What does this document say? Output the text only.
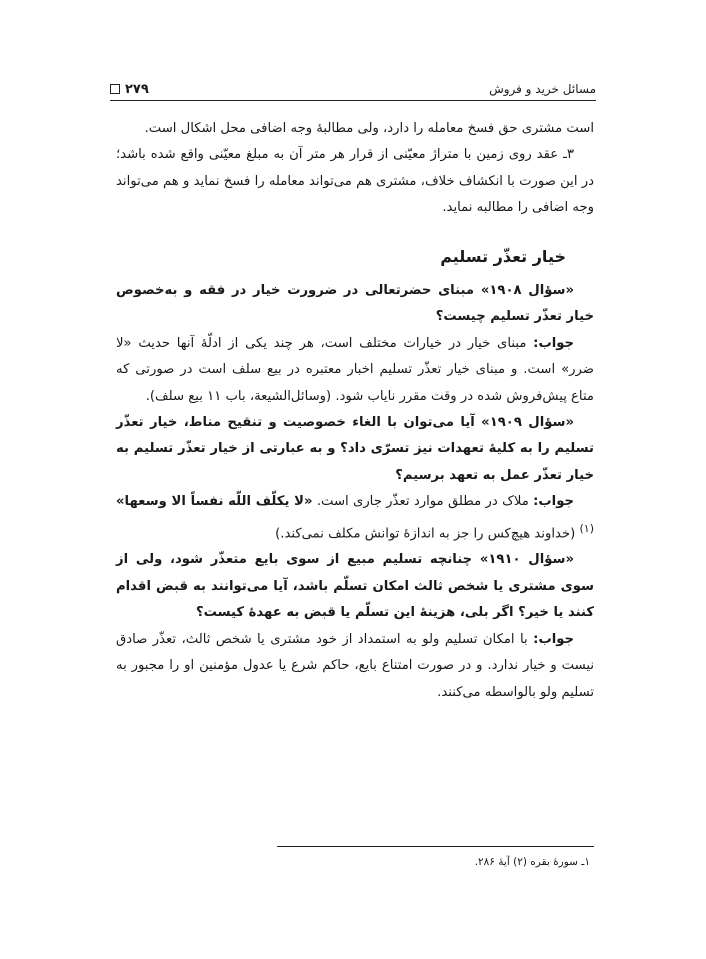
مسائل خرید و فروش
۲۷۹

است مشتری حق فسخ معامله را دارد، ولی مطالبهٔ وجه اضافی محل اشکال است.

۳ـ عقد روی زمین با متراژ معیّنی از قرار هر متر آن به مبلغ معیّنی واقع شده باشد؛ در این صورت با انکشاف خلاف، مشتری هم می‌تواند معامله را فسخ نماید و هم می‌تواند وجه اضافی را مطالبه نماید.

خیار تعذّر تسلیم

«سؤال ۱۹۰۸» مبنای حضرتعالی در ضرورت خیار در فقه و به‌خصوص خیار تعذّر تسلیم چیست؟

جواب: مبنای خیار در خیارات مختلف است، هر چند یکی از ادلّهٔ آنها حدیث «لا ضرر» است. و مبنای خیار تعذّر تسلیم اخبار معتبره در بیع سلف است در صورتی که متاع پیش‌فروش شده در وقت مقرر نایاب شود. (وسائل‌الشیعة، باب ۱۱ بیع سلف).

«سؤال ۱۹۰۹» آیا می‌توان با الغاء خصوصیت و تنقیح مناط، خیار تعذّر تسلیم را به کلیهٔ تعهدات نیز تسرّی داد؟ و به عبارتی از خیار تعذّر تسلیم به خیار تعذّر عمل به تعهد برسیم؟

جواب: ملاک در مطلق موارد تعذّر جاری است. «لا یکلّف اللّه نفساً الا وسعها» $^{(۱)}$ (خداوند هیچ‌کس را جز به اندازهٔ توانش مکلف نمی‌کند.)

«سؤال ۱۹۱۰» چنانچه تسلیم مبیع از سوی بایع متعذّر شود، ولی از سوی مشتری یا شخص ثالث امکان تسلّم باشد، آیا می‌توانند به قبض اقدام کنند یا خیر؟ اگر بلی، هزینهٔ این تسلّم یا قبض به عهدهٔ کیست؟

جواب: با امکان تسلیم ولو به استمداد از خود مشتری یا شخص ثالث، تعذّر صادق نیست و خیار ندارد. و در صورت امتناع بایع، حاکم شرع یا عدول مؤمنین او را مجبور به تسلیم ولو بالواسطه می‌کنند.

۱ـ سورهٔ بقره (۲) آیهٔ ۲۸۶.
